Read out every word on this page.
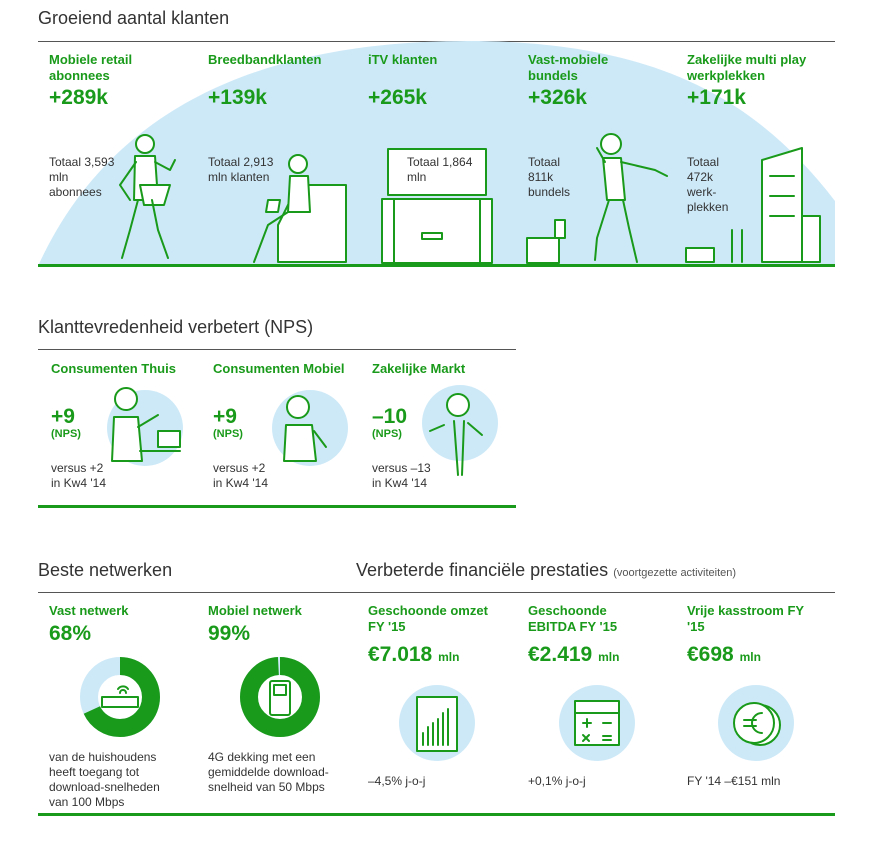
Groeiend aantal klanten
Mobiele retail abonnees
+289k
Totaal 3,593 mln abonnees
Breedbandklanten
+139k
Totaal 2,913 mln klanten
iTV klanten
+265k
Totaal 1,864 mln
Vast-mobiele bundels
+326k
Totaal 811k bundels
Zakelijke multi play werkplekken
+171k
Totaal 472k werk-plekken
Klanttevredenheid verbetert (NPS)
Consumenten Thuis
+9
(NPS)
versus +2 in Kw4 '14
Consumenten Mobiel
+9
(NPS)
versus +2 in Kw4 '14
Zakelijke Markt
–10
(NPS)
versus –13 in Kw4 '14
Beste netwerken	Verbeterde financiële prestaties (voortgezette activiteiten)
Vast netwerk
68%
van de huishoudens heeft toegang tot download-snelheden van 100 Mbps
Mobiel netwerk
99%
4G dekking met een gemiddelde download-snelheid van 50 Mbps
Geschoonde omzet FY '15
€7.018 mln
–4,5% j-o-j
Geschoonde EBITDA FY '15
€2.419 mln
+0,1% j-o-j
Vrije kasstroom FY '15
€698 mln
FY '14 –€151 mln
